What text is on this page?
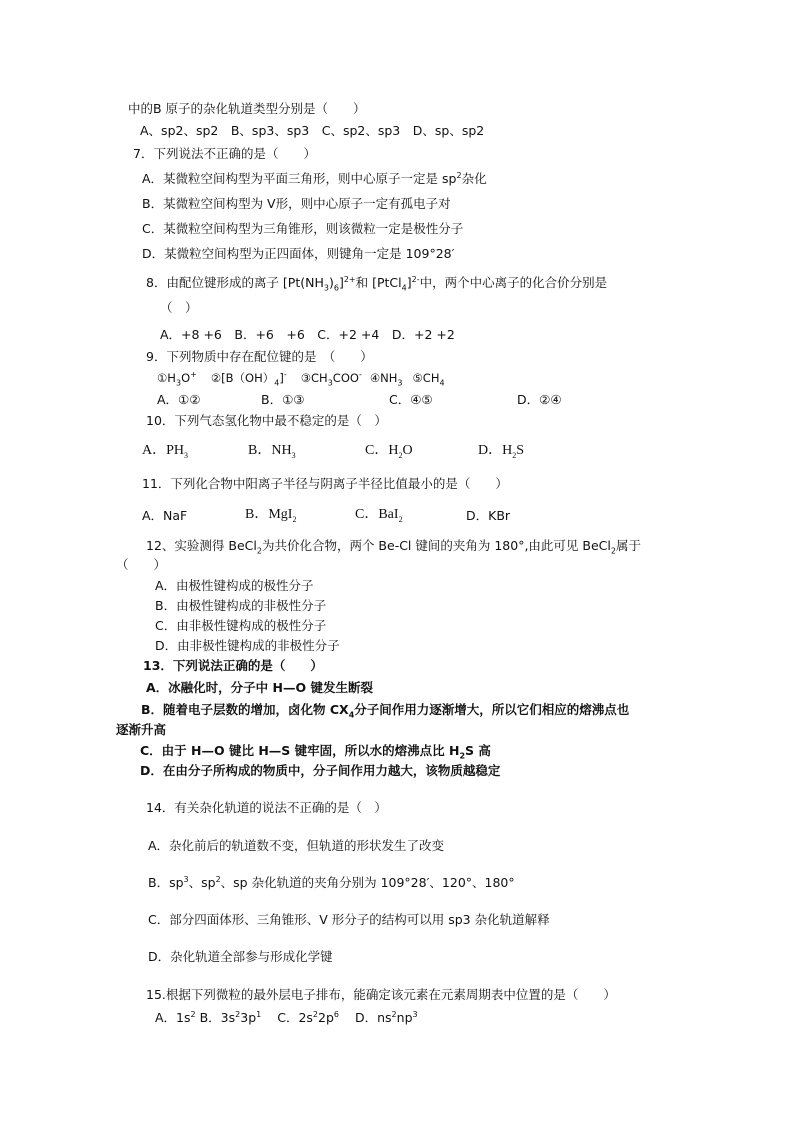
中的B 原子的杂化轨道类型分别是（　　）
A、sp2、sp2　B、sp3、sp3　C、sp2、sp3　D、sp、sp2
7．下列说法不正确的是（　　）
A．某微粒空间构型为平面三角形，则中心原子一定是 $sp^2$杂化
B．某微粒空间构型为 V形，则中心原子一定有孤电子对
C．某微粒空间构型为三角锥形，则该微粒一定是极性分子
D．某微粒空间构型为正四面体，则键角一定是 109°28′
8．由配位键形成的离子 $[Pt(NH_3)_6]^{2+}$和 [PtCl$_4$]$^{2-}$中，两个中心离子的化合价分别是
（　）
A．+8 +6　B．+6　+6　C．+2 +4　D．+2 +2
9．下列物质中存在配位键的是　（　　）
$①H_3O^+$ $②[B(OH)_4]^-$ $③CH_3COO^-$ $④NH_3$ $⑤CH_4$
A．①②	B．①③	C．④⑤	D．②④
10．下列气态氢化物中最不稳定的是（　）
A．$PH_3$	B．$NH_3$	C．$H_2O$	D．$H_2S$
11．下列化合物中阳离子半径与阴离子半径比值最小的是（　　）
A．NaF	B．MgI$_2$	C．BaI$_2$	D．KBr
12、实验测得 BeCl$_2$为共价化合物，两个 Be-Cl 键间的夹角为 180°,由此可见 BeCl$_2$属于
（　　）
A．由极性键构成的极性分子
B．由极性键构成的非极性分子
C．由非极性键构成的极性分子
D．由非极性键构成的非极性分子
13．下列说法正确的是（　　）
A．冰融化时，分子中 H—O 键发生断裂
B．随着电子层数的增加，卤化物 $CX_4$分子间作用力逐渐增大，所以它们相应的熔沸点也
逐渐升高
C．由于 H—O 键比 H—S 键牢固，所以水的熔沸点比 $H_2S$ 高
D．在由分子所构成的物质中，分子间作用力越大，该物质越稳定
14．有关杂化轨道的说法不正确的是（　）
A．杂化前后的轨道数不变，但轨道的形状发生了改变
B．$sp^3$、$sp^2$、sp 杂化轨道的夹角分别为 109°28′、120°、180°
C．部分四面体形、三角锥形、V 形分子的结构可以用 sp3 杂化轨道解释
D．杂化轨道全部参与形成化学键
15.根据下列微粒的最外层电子排布，能确定该元素在元素周期表中位置的是（　　）
A．$1s^2$ B．$3s^23p^1$ C．$2s^22p^6$ D．$ns^2np^3$
